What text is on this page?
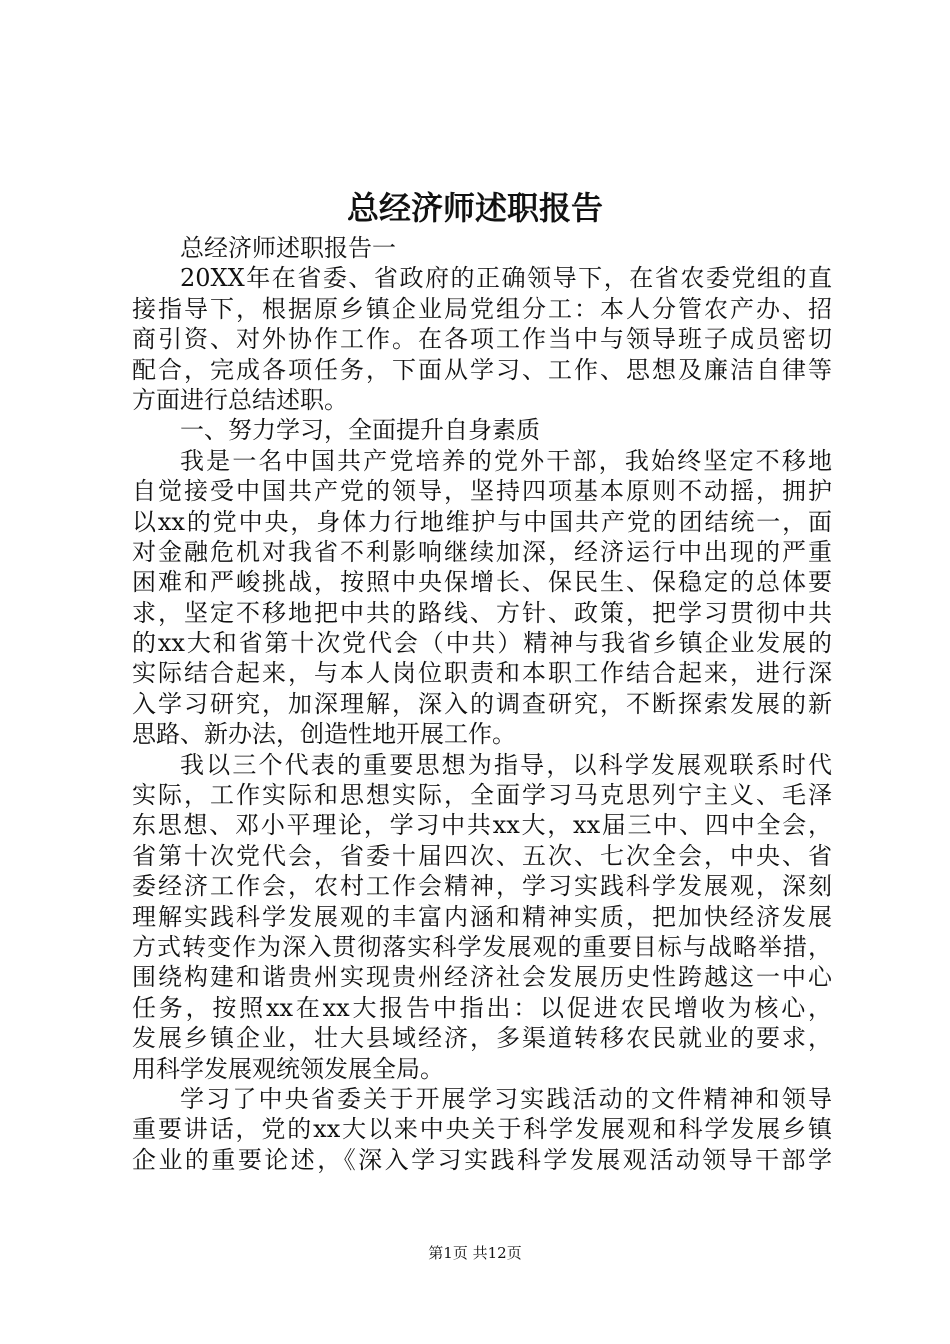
总经济师述职报告
总经济师述职报告一
20XX年在省委、省政府的正确领导下，在省农委党组的直
接指导下，根据原乡镇企业局党组分工：本人分管农产办、招
商引资、对外协作工作。在各项工作当中与领导班子成员密切
配合，完成各项任务，下面从学习、工作、思想及廉洁自律等
方面进行总结述职。
一、努力学习，全面提升自身素质
我是一名中国共产党培养的党外干部，我始终坚定不移地
自觉接受中国共产党的领导，坚持四项基本原则不动摇，拥护
以xx的党中央，身体力行地维护与中国共产党的团结统一，面
对金融危机对我省不利影响继续加深，经济运行中出现的严重
困难和严峻挑战，按照中央保增长、保民生、保稳定的总体要
求，坚定不移地把中共的路线、方针、政策，把学习贯彻中共
的xx大和省第十次党代会（中共）精神与我省乡镇企业发展的
实际结合起来，与本人岗位职责和本职工作结合起来，进行深
入学习研究，加深理解，深入的调查研究，不断探索发展的新
思路、新办法，创造性地开展工作。
我以三个代表的重要思想为指导，以科学发展观联系时代
实际，工作实际和思想实际，全面学习马克思列宁主义、毛泽
东思想、邓小平理论，学习中共xx大，xx届三中、四中全会，
省第十次党代会，省委十届四次、五次、七次全会，中央、省
委经济工作会，农村工作会精神，学习实践科学发展观，深刻
理解实践科学发展观的丰富内涵和精神实质，把加快经济发展
方式转变作为深入贯彻落实科学发展观的重要目标与战略举措，
围绕构建和谐贵州实现贵州经济社会发展历史性跨越这一中心
任务，按照xx在xx大报告中指出：以促进农民增收为核心，
发展乡镇企业，壮大县域经济，多渠道转移农民就业的要求，
用科学发展观统领发展全局。
学习了中央省委关于开展学习实践活动的文件精神和领导
重要讲话，党的xx大以来中央关于科学发展观和科学发展乡镇
企业的重要论述，《深入学习实践科学发展观活动领导干部学
第1页 共12页
